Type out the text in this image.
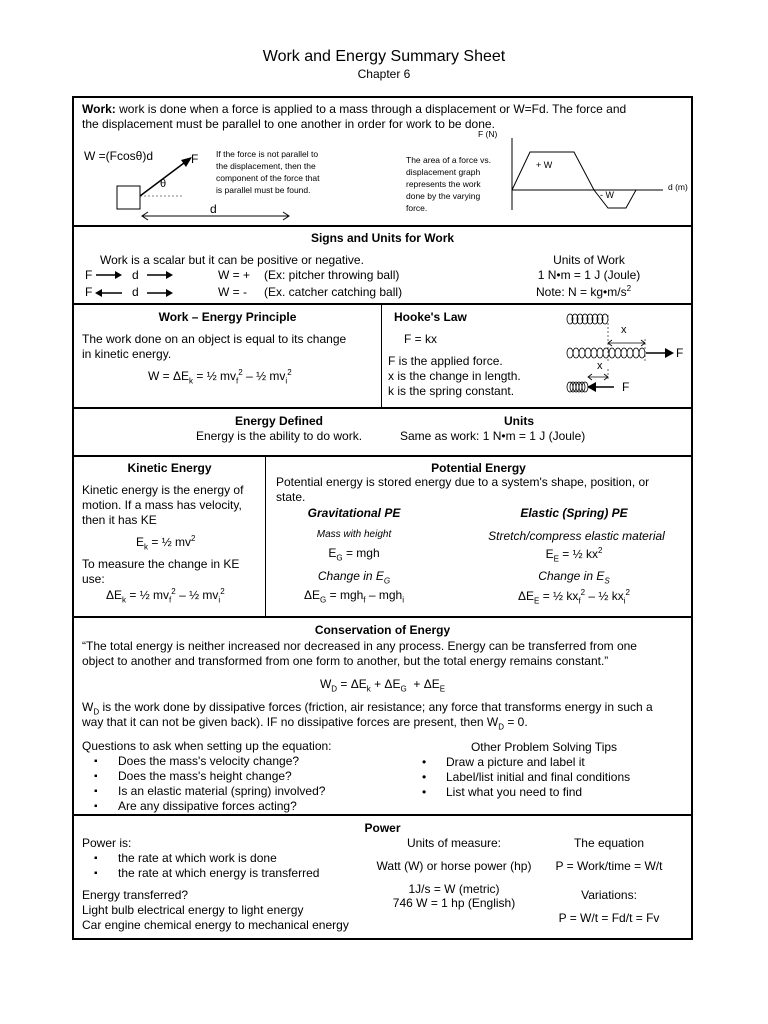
Work and Energy Summary Sheet
Chapter 6
Work: work is done when a force is applied to a mass through a displacement or W=Fd. The force and
the displacement must be parallel to one another in order for work to be done.
W =(Fcosθ)d	F
θ
d
If the force is not parallel to
the displacement, then the
component of the force that
is parallel must be found.
The area of a force vs.
displacement graph
represents the work
done by the varying
force.
F (N)
d (m)
+ W
- W
Signs and Units for Work
Work is a scalar but it can be positive or negative.
F	d	W = + (Ex: pitcher throwing ball)
F	d	W = - (Ex. catcher catching ball)
Units of Work
1 N•m = 1 J (Joule)
Note: $N = kg•m/s^2$
Work – Energy Principle
The work done on an object is equal to its change
in kinetic energy.
$W = \Delta E_k$ = ½ $mv_f^2$ – ½ $mv_i^2$
Hooke's Law
F = kx
F is the applied force.
x is the change in length.
k is the spring constant.
x
F
x
F
Energy Defined
Energy is the ability to do work.
Units
Same as work: 1 N•m = 1 J (Joule)
Kinetic Energy
Kinetic energy is the energy of
motion. If a mass has velocity,
then it has KE
$E_k$ = ½ $mv^2$
To measure the change in KE
use:
$\Delta E_k$ = ½ $mv_f^2$ – ½ $mv_i^2$
Potential Energy
Potential energy is stored energy due to a system's shape, position, or
state.
Gravitational PE
Mass with height
$E_G$ = mgh
Change in $E_G$
$\Delta E_G = mgh_f - mgh_i$
Elastic (Spring) PE
Stretch/compress elastic material
$E_E$ = ½ $kx^2$
Change in $E_S$
$\Delta E_E$ = ½ $kx_f^2$ – ½ $kx_i^2$
Conservation of Energy
“The total energy is neither increased nor decreased in any process. Energy can be transferred from one
object to another and transformed from one form to another, but the total energy remains constant.”
$W_D = \Delta E_k + \Delta E_G + \Delta E_E$
$W_D$ is the work done by dissipative forces (friction, air resistance; any force that transforms energy in such a
way that it can not be given back). IF no dissipative forces are present, then $W_D = 0$.
Questions to ask when setting up the equation:
▪ Does the mass's velocity change?
▪ Does the mass's height change?
▪ Is an elastic material (spring) involved?
▪ Are any dissipative forces acting?
Other Problem Solving Tips
• Draw a picture and label it
• Label/list initial and final conditions
• List what you need to find
Power
Power is:
▪ the rate at which work is done
▪ the rate at which energy is transferred
Energy transferred?
Light bulb electrical energy to light energy
Car engine chemical energy to mechanical energy
Units of measure:
Watt (W) or horse power (hp)
1J/s = W (metric)
746 W = 1 hp (English)
The equation
P = Work/time = W/t
Variations:
P = W/t = Fd/t = Fv
